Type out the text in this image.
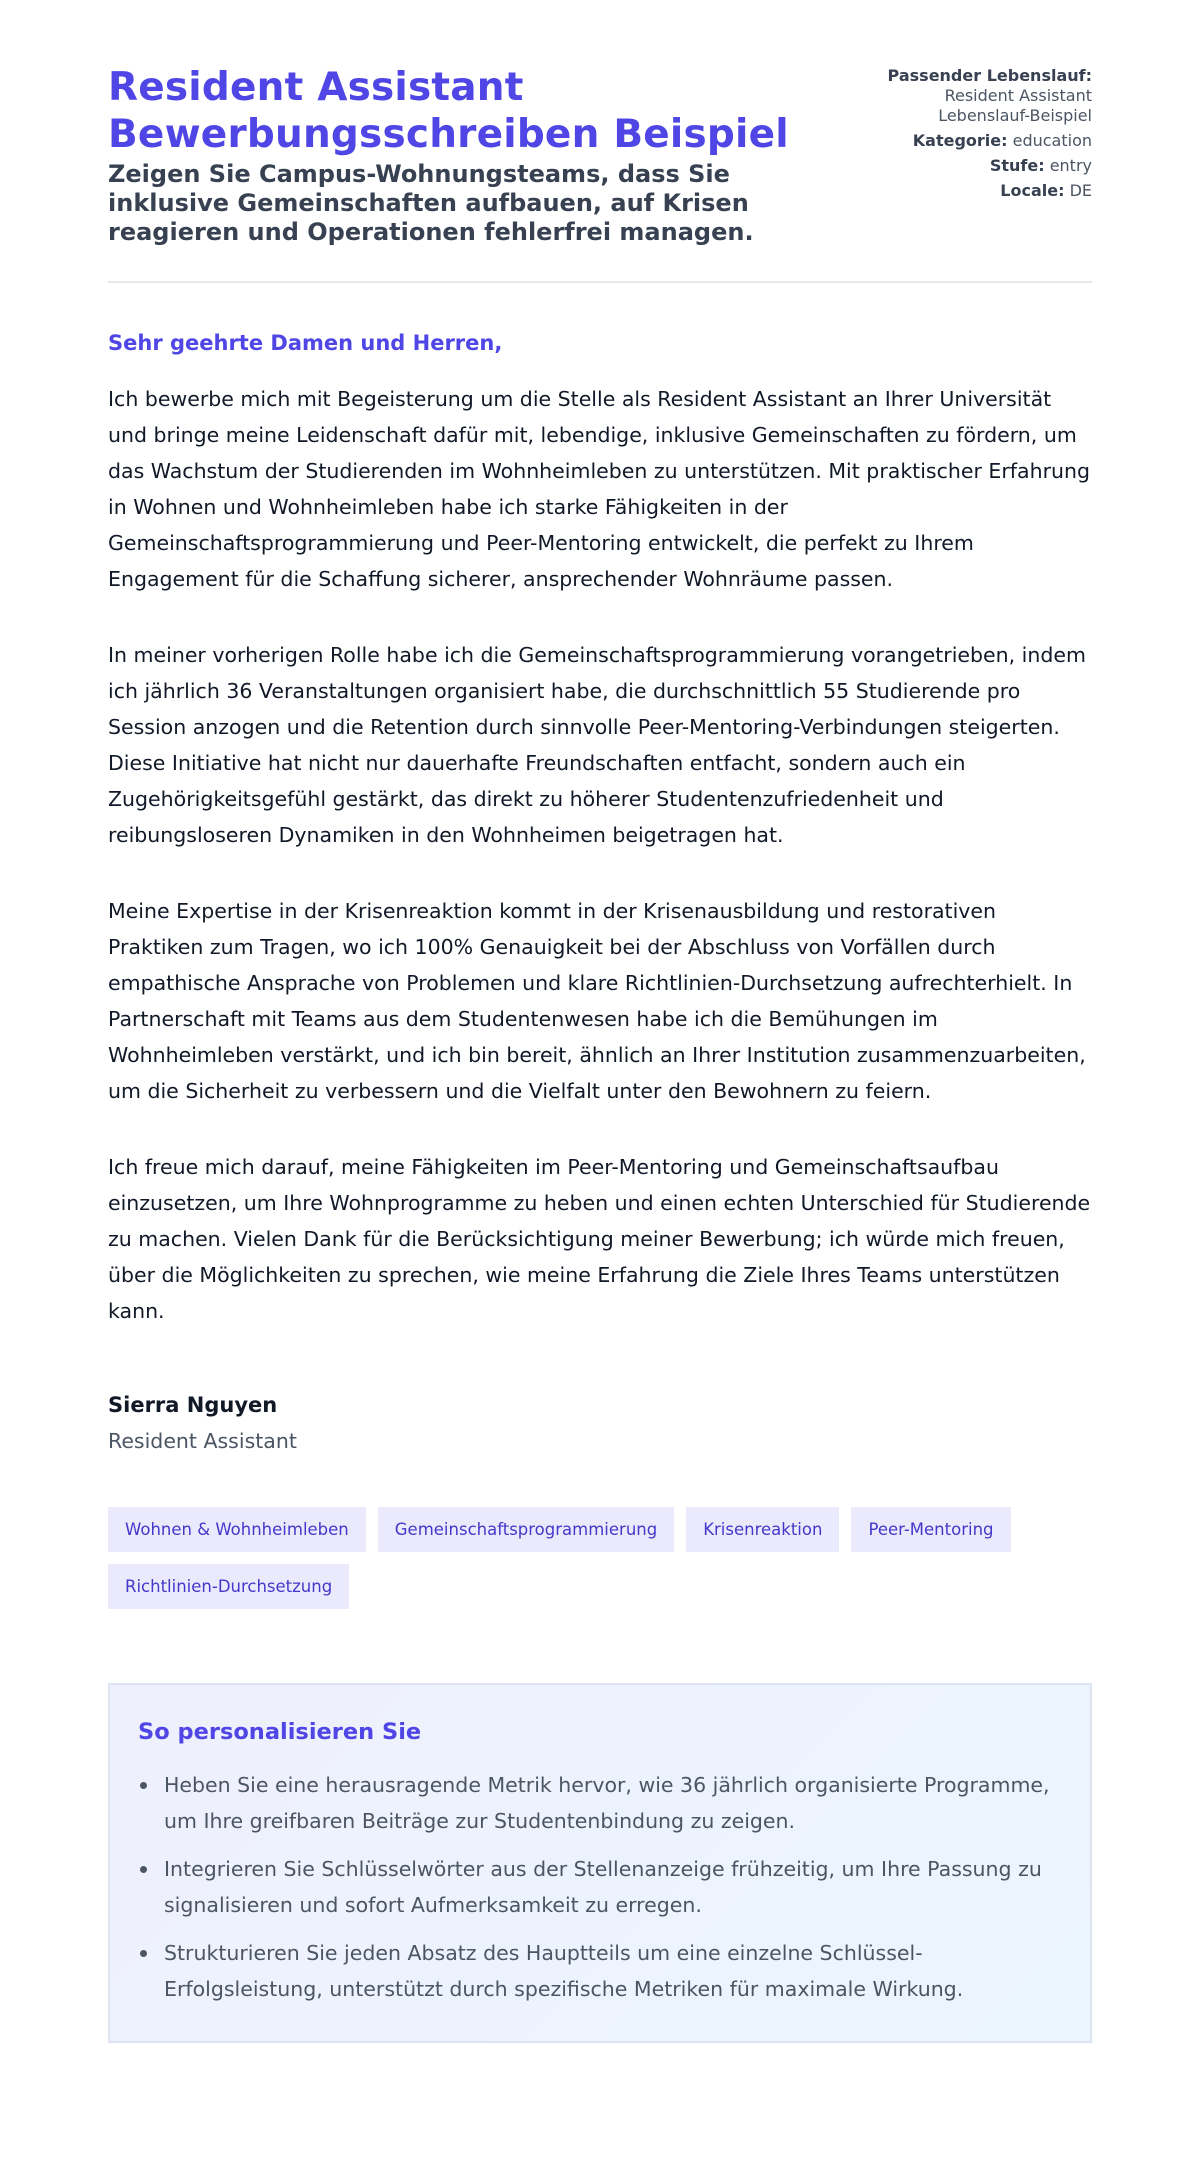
Resident Assistant
Bewerbungsschreiben Beispiel
Zeigen Sie Campus-Wohnungsteams, dass Sie inklusive Gemeinschaften aufbauen, auf Krisen reagieren und Operationen fehlerfrei managen.
Passender Lebenslauf: Resident Assistant Lebenslauf-Beispiel
Kategorie: education
Stufe: entry
Locale: DE
Sehr geehrte Damen und Herren,

Ich bewerbe mich mit Begeisterung um die Stelle als Resident Assistant an Ihrer Universität und bringe meine Leidenschaft dafür mit, lebendige, inklusive Gemeinschaften zu fördern, um das Wachstum der Studierenden im Wohnheimleben zu unterstützen. Mit praktischer Erfahrung in Wohnen und Wohnheimleben habe ich starke Fähigkeiten in der Gemeinschaftsprogrammierung und Peer-Mentoring entwickelt, die perfekt zu Ihrem Engagement für die Schaffung sicherer, ansprechender Wohnräume passen.

In meiner vorherigen Rolle habe ich die Gemeinschaftsprogrammierung vorangetrieben, indem ich jährlich 36 Veranstaltungen organisiert habe, die durchschnittlich 55 Studierende pro Session anzogen und die Retention durch sinnvolle Peer-Mentoring-Verbindungen steigerten. Diese Initiative hat nicht nur dauerhafte Freundschaften entfacht, sondern auch ein Zugehörigkeitsgefühl gestärkt, das direkt zu höherer Studentenzufriedenheit und reibungsloseren Dynamiken in den Wohnheimen beigetragen hat.

Meine Expertise in der Krisenreaktion kommt in der Krisenausbildung und restorativen Praktiken zum Tragen, wo ich 100% Genauigkeit bei der Abschluss von Vorfällen durch empathische Ansprache von Problemen und klare Richtlinien-Durchsetzung aufrechterhielt. In Partnerschaft mit Teams aus dem Studentenwesen habe ich die Bemühungen im Wohnheimleben verstärkt, und ich bin bereit, ähnlich an Ihrer Institution zusammenzuarbeiten, um die Sicherheit zu verbessern und die Vielfalt unter den Bewohnern zu feiern.

Ich freue mich darauf, meine Fähigkeiten im Peer-Mentoring und Gemeinschaftsaufbau einzusetzen, um Ihre Wohnprogramme zu heben und einen echten Unterschied für Studierende zu machen. Vielen Dank für die Berücksichtigung meiner Bewerbung; ich würde mich freuen, über die Möglichkeiten zu sprechen, wie meine Erfahrung die Ziele Ihres Teams unterstützen kann.

Sierra Nguyen
Resident Assistant
Wohnen & Wohnheimleben	Gemeinschaftsprogrammierung	Krisenreaktion	Peer-Mentoring
Richtlinien-Durchsetzung
So personalisieren Sie
Heben Sie eine herausragende Metrik hervor, wie 36 jährlich organisierte Programme, um Ihre greifbaren Beiträge zur Studentenbindung zu zeigen.
Integrieren Sie Schlüsselwörter aus der Stellenanzeige frühzeitig, um Ihre Passung zu signalisieren und sofort Aufmerksamkeit zu erregen.
Strukturieren Sie jeden Absatz des Hauptteils um eine einzelne Schlüssel-Erfolgsleistung, unterstützt durch spezifische Metriken für maximale Wirkung.
